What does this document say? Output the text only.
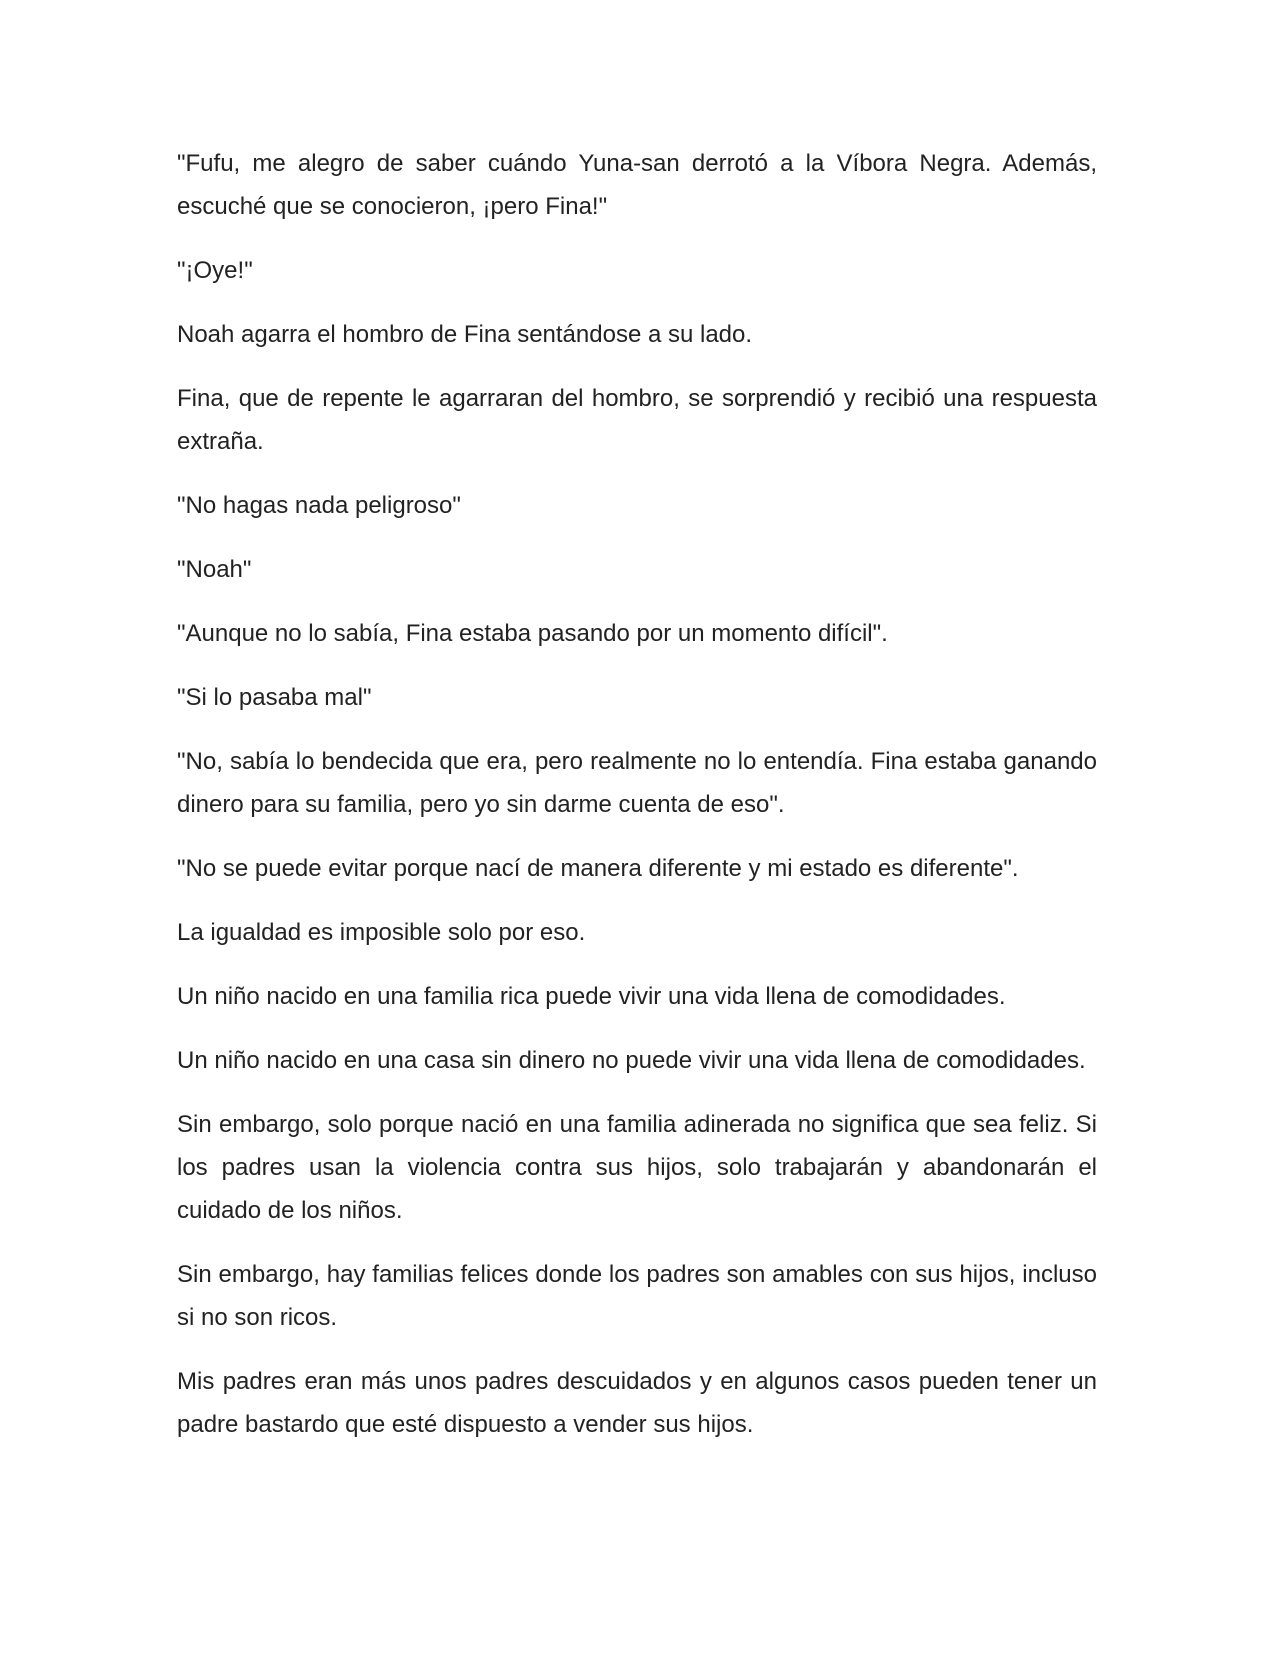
"Fufu, me alegro de saber cuándo Yuna-san derrotó a la Víbora Negra. Además, escuché que se conocieron, ¡pero Fina!"

"¡Oye!"

Noah agarra el hombro de Fina sentándose a su lado.

Fina, que de repente le agarraran del hombro, se sorprendió y recibió una respuesta extraña.

"No hagas nada peligroso"

"Noah"

"Aunque no lo sabía, Fina estaba pasando por un momento difícil".

"Si lo pasaba mal"

"No, sabía lo bendecida que era, pero realmente no lo entendía. Fina estaba ganando dinero para su familia, pero yo sin darme cuenta de eso".

"No se puede evitar porque nací de manera diferente y mi estado es diferente".

La igualdad es imposible solo por eso.

Un niño nacido en una familia rica puede vivir una vida llena de comodidades.

Un niño nacido en una casa sin dinero no puede vivir una vida llena de comodidades.

Sin embargo, solo porque nació en una familia adinerada no significa que sea feliz. Si los padres usan la violencia contra sus hijos, solo trabajarán y abandonarán el cuidado de los niños.

Sin embargo, hay familias felices donde los padres son amables con sus hijos, incluso si no son ricos.

Mis padres eran más unos padres descuidados y en algunos casos pueden tener un padre bastardo que esté dispuesto a vender sus hijos.
